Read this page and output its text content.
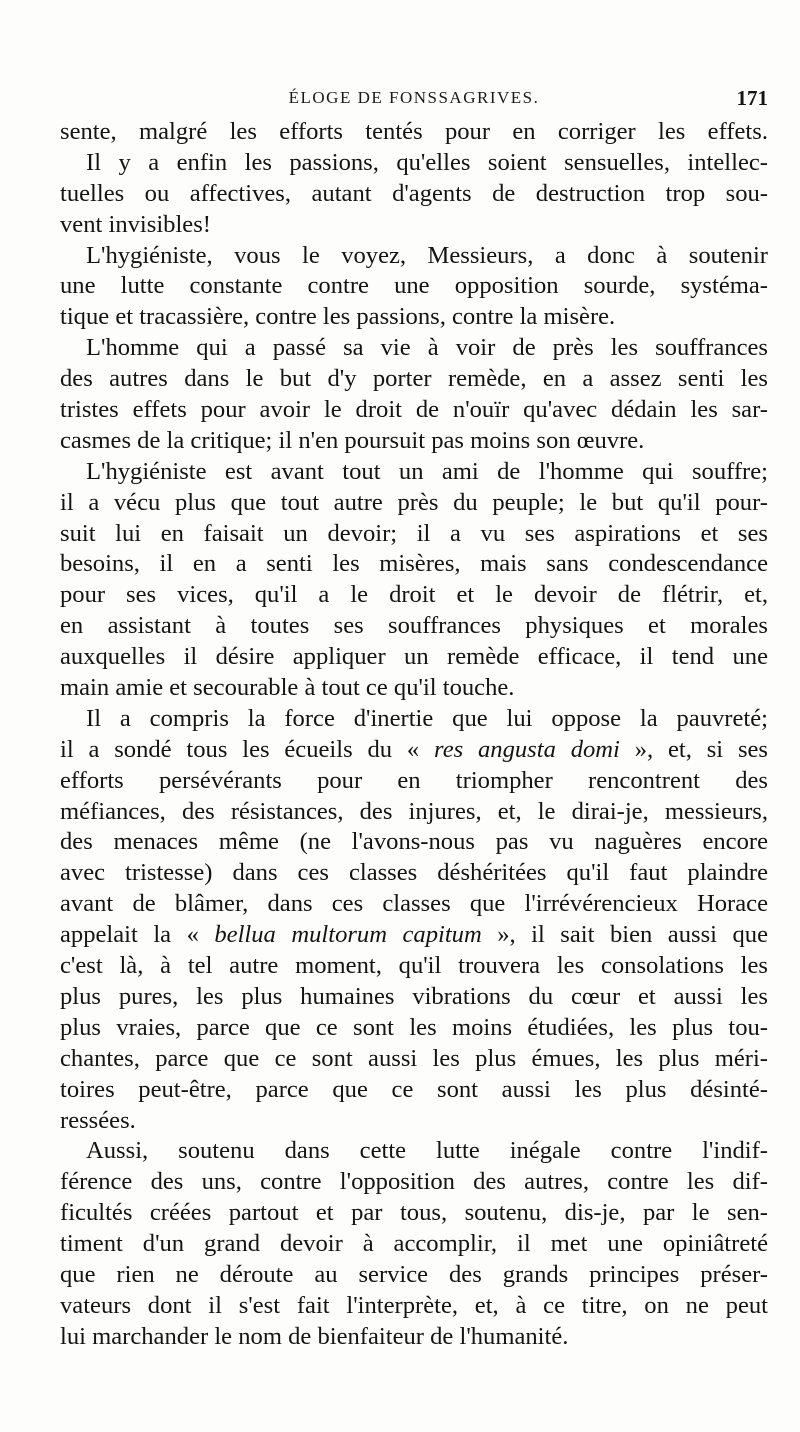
ÉLOGE DE FONSSAGRIVES.	171
sente, malgré les efforts tentés pour en corriger les effets.
Il y a enfin les passions, qu'elles soient sensuelles, intellec-
tuelles ou affectives, autant d'agents de destruction trop sou-
vent invisibles!
L'hygiéniste, vous le voyez, Messieurs, a donc à soutenir
une lutte constante contre une opposition sourde, systéma-
tique et tracassière, contre les passions, contre la misère.
L'homme qui a passé sa vie à voir de près les souffrances
des autres dans le but d'y porter remède, en a assez senti les
tristes effets pour avoir le droit de n'ouïr qu'avec dédain les sar-
casmes de la critique; il n'en poursuit pas moins son œuvre.
L'hygiéniste est avant tout un ami de l'homme qui souffre;
il a vécu plus que tout autre près du peuple; le but qu'il pour-
suit lui en faisait un devoir; il a vu ses aspirations et ses
besoins, il en a senti les misères, mais sans condescendance
pour ses vices, qu'il a le droit et le devoir de flétrir, et,
en assistant à toutes ses souffrances physiques et morales
auxquelles il désire appliquer un remède efficace, il tend une
main amie et secourable à tout ce qu'il touche.
Il a compris la force d'inertie que lui oppose la pauvreté;
il a sondé tous les écueils du « res angusta domi », et, si ses
efforts persévérants pour en triompher rencontrent des
méfiances, des résistances, des injures, et, le dirai-je, messieurs,
des menaces même (ne l'avons-nous pas vu naguères encore
avec tristesse) dans ces classes déshéritées qu'il faut plaindre
avant de blâmer, dans ces classes que l'irrévérencieux Horace
appelait la « bellua multorum capitum », il sait bien aussi que
c'est là, à tel autre moment, qu'il trouvera les consolations les
plus pures, les plus humaines vibrations du cœur et aussi les
plus vraies, parce que ce sont les moins étudiées, les plus tou-
chantes, parce que ce sont aussi les plus émues, les plus méri-
toires peut-être, parce que ce sont aussi les plus désinté-
ressées.
Aussi, soutenu dans cette lutte inégale contre l'indif-
férence des uns, contre l'opposition des autres, contre les dif-
ficultés créées partout et par tous, soutenu, dis-je, par le sen-
timent d'un grand devoir à accomplir, il met une opiniâtreté
que rien ne déroute au service des grands principes préser-
vateurs dont il s'est fait l'interprète, et, à ce titre, on ne peut
lui marchander le nom de bienfaiteur de l'humanité.
